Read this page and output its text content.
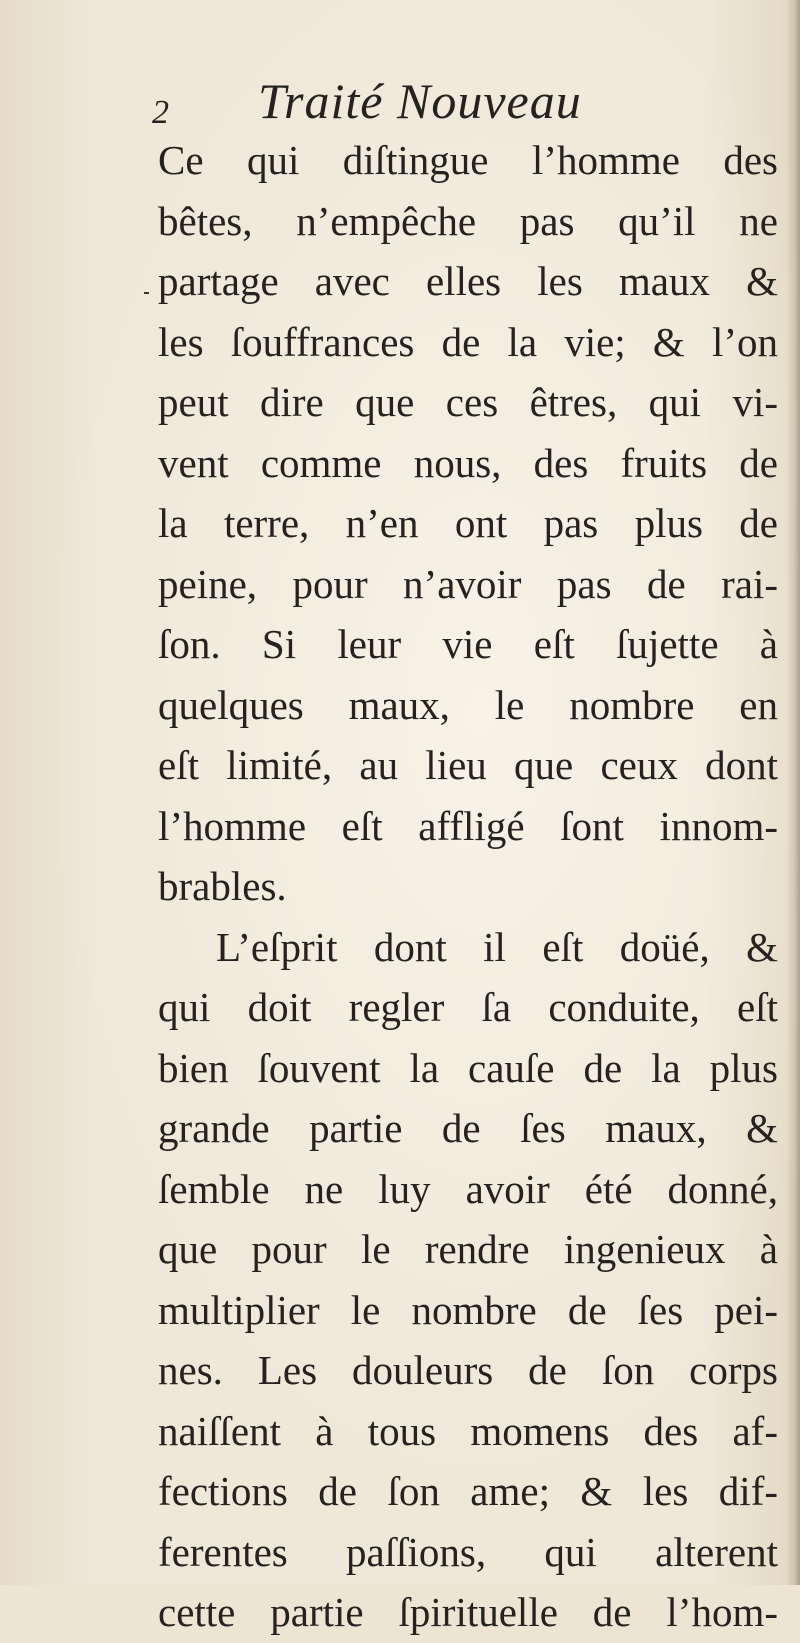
2 Traité Nouveau
Ce qui diſtingue l’homme des
bêtes, n’empêche pas qu’il ne
partage avec elles les maux &
les ſouffrances de la vie; & l’on
peut dire que ces êtres, qui vi-
vent comme nous, des fruits de
la terre, n’en ont pas plus de
peine, pour n’avoir pas de rai-
ſon. Si leur vie eſt ſujette à
quelques maux, le nombre en
eſt limité, au lieu que ceux dont
l’homme eſt affligé ſont innom-
brables.
L’eſprit dont il eſt doüé, &
qui doit regler ſa conduite, eſt
bien ſouvent la cauſe de la plus
grande partie de ſes maux, &
ſemble ne luy avoir été donné,
que pour le rendre ingenieux à
multiplier le nombre de ſes pei-
nes. Les douleurs de ſon corps
naiſſent à tous momens des af-
fections de ſon ame; & les dif-
ferentes paſſions, qui alterent
cette partie ſpirituelle de l’hom-
